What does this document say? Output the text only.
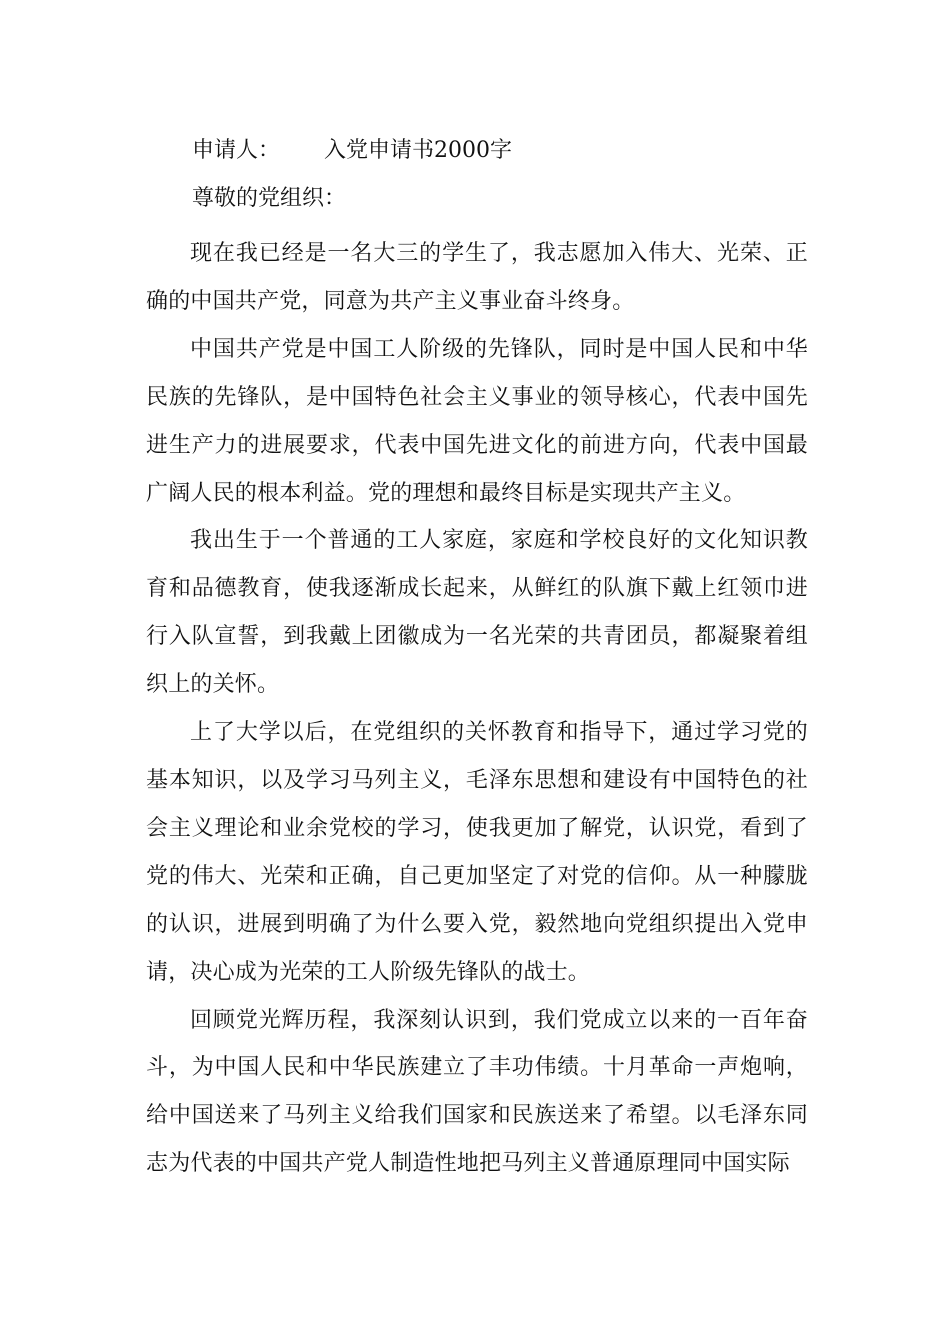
申请人： 入党申请书2000字
尊敬的党组织：

现在我已经是一名大三的学生了，我志愿加入伟大、光荣、正确的中国共产党，同意为共产主义事业奋斗终身。

中国共产党是中国工人阶级的先锋队，同时是中国人民和中华民族的先锋队，是中国特色社会主义事业的领导核心，代表中国先进生产力的进展要求，代表中国先进文化的前进方向，代表中国最广阔人民的根本利益。党的理想和最终目标是实现共产主义。

我出生于一个普通的工人家庭，家庭和学校良好的文化知识教育和品德教育，使我逐渐成长起来，从鲜红的队旗下戴上红领巾进行入队宣誓，到我戴上团徽成为一名光荣的共青团员，都凝聚着组织上的关怀。

上了大学以后，在党组织的关怀教育和指导下，通过学习党的基本知识，以及学习马列主义，毛泽东思想和建设有中国特色的社会主义理论和业余党校的学习，使我更加了解党，认识党，看到了党的伟大、光荣和正确，自己更加坚定了对党的信仰。从一种朦胧的认识，进展到明确了为什么要入党，毅然地向党组织提出入党申请，决心成为光荣的工人阶级先锋队的战士。

回顾党光辉历程，我深刻认识到，我们党成立以来的一百年奋斗，为中国人民和中华民族建立了丰功伟绩。十月革命一声炮响，给中国送来了马列主义给我们国家和民族送来了希望。以毛泽东同志为代表的中国共产党人制造性地把马列主义普通原理同中国实际
